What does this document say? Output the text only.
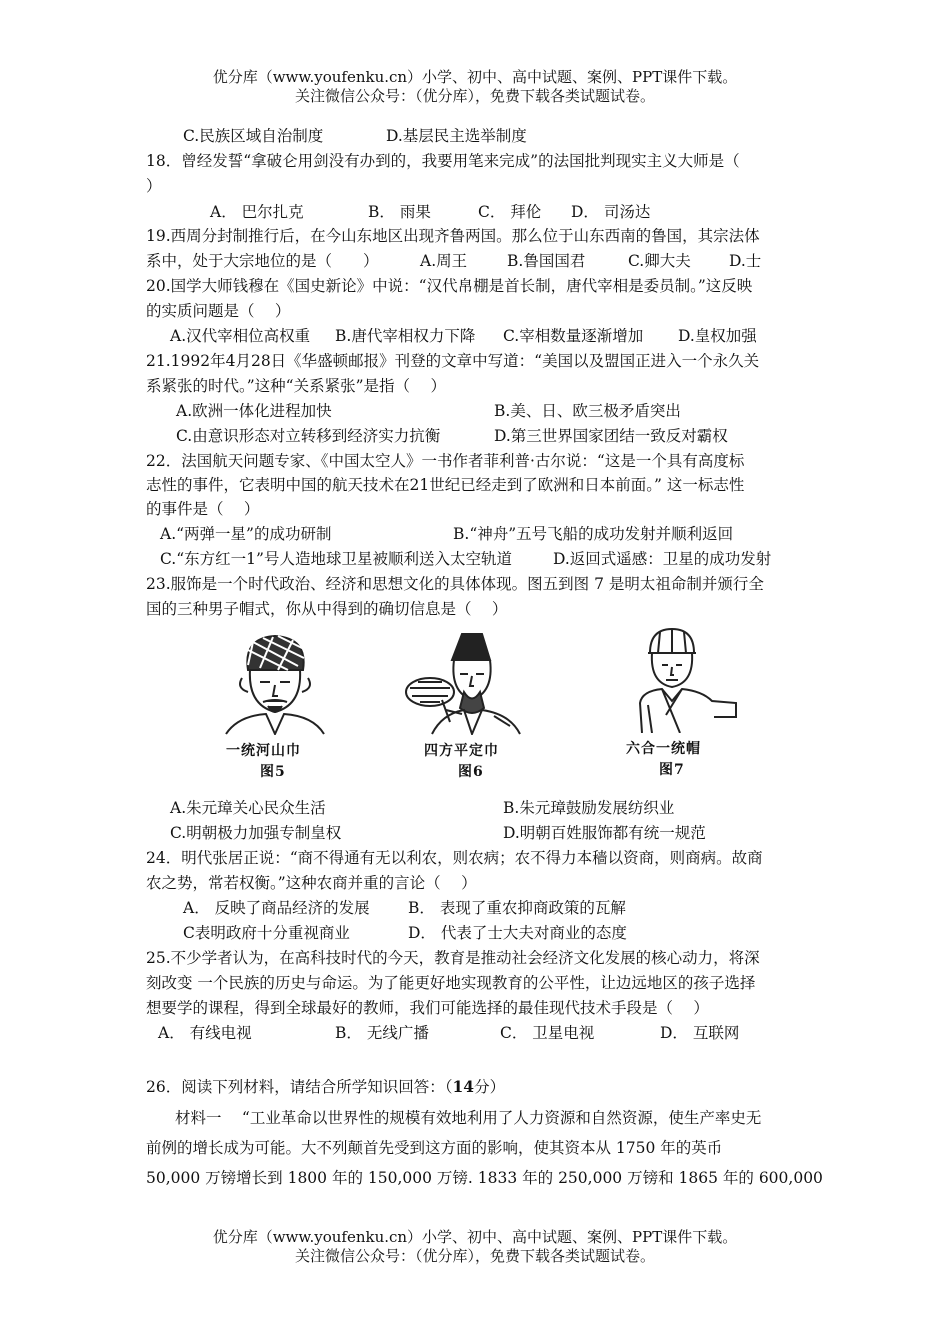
优分库（www.youfenku.cn）小学、初中、高中试题、案例、PPT课件下载。
关注微信公众号：（优分库），免费下载各类试题试卷。
C.民族区域自治制度	D.基层民主选举制度
18．曾经发誓“拿破仑用剑没有办到的，我要用笔来完成”的法国批判现实主义大师是（
）
A． 巴尔扎克	B． 雨果	C． 拜伦 D． 司汤达
19.西周分封制推行后，在今山东地区出现齐鲁两国。那么位于山东西南的鲁国，其宗法体
系中，处于大宗地位的是（　　）	A.周王	B.鲁国国君	C.卿大夫 D.士
20.国学大师钱穆在《国史新论》中说：“汉代帛棚是首长制，唐代宰相是委员制。”这反映
的实质问题是（　 ）
A.汉代宰相位高权重 B.唐代宰相权力下降 C.宰相数量逐渐增加 D.皇权加强
21.1992年4月28日《华盛顿邮报》刊登的文章中写道：“美国以及盟国正进入一个永久关
系紧张的时代。”这种“关系紧张”是指（　 ）
A.欧洲一体化进程加快	B.美、日、欧三极矛盾突出
C.由意识形态对立转移到经济实力抗衡	D.第三世界国家团结一致反对霸权
22．法国航天问题专家、《中国太空人》一书作者菲利普·古尔说：“这是一个具有高度标
志性的事件，它表明中国的航天技术在21世纪已经走到了欧洲和日本前面。” 这一标志性
的事件是（　 ）
A.“两弹一星”的成功研制	B.“神舟”五号飞船的成功发射并顺利返回
C.“东方红一1”号人造地球卫星被顺利送入太空轨道	D.返回式遥感：卫星的成功发射
23.服饰是一个时代政治、经济和思想文化的具体体现。图五到图 7 是明太祖命制并颁行全
国的三种男子帽式，你从中得到的确切信息是（　 ）
一统河山巾
图5
四方平定巾
图6
六合一统帽
图7
A.朱元璋关心民众生活	B.朱元璋鼓励发展纺织业
C.明朝极力加强专制皇权	D.明朝百姓服饰都有统一规范
24．明代张居正说：“商不得通有无以利农，则农病；农不得力本穑以资商，则商病。故商
农之势，常若权衡。”这种农商并重的言论（　 ）
A． 反映了商品经济的发展 B． 表现了重农抑商政策的瓦解
C表明政府十分重视商业	D． 代表了士大夫对商业的态度
25.不少学者认为，在高科技时代的今天，教育是推动社会经济文化发展的核心动力，将深
刻改变 一个民族的历史与命运。为了能更好地实现教育的公平性，让边远地区的孩子选择
想要学的课程，得到全球最好的教师，我们可能选择的最佳现代技术手段是（　 ）
A． 有线电视	B． 无线广播	C． 卫星电视	D． 互联网
26．阅读下列材料，请结合所学知识回答：（14分）
材料一 　“工业革命以世界性的规模有效地利用了人力资源和自然资源，使生产率史无
前例的增长成为可能。大不列颠首先受到这方面的影响，使其资本从 1750 年的英币
50,000 万镑增长到 1800 年的 150,000 万镑. 1833 年的 250,000 万镑和 1865 年的 600,000
优分库（www.youfenku.cn）小学、初中、高中试题、案例、PPT课件下载。
关注微信公众号：（优分库），免费下载各类试题试卷。
